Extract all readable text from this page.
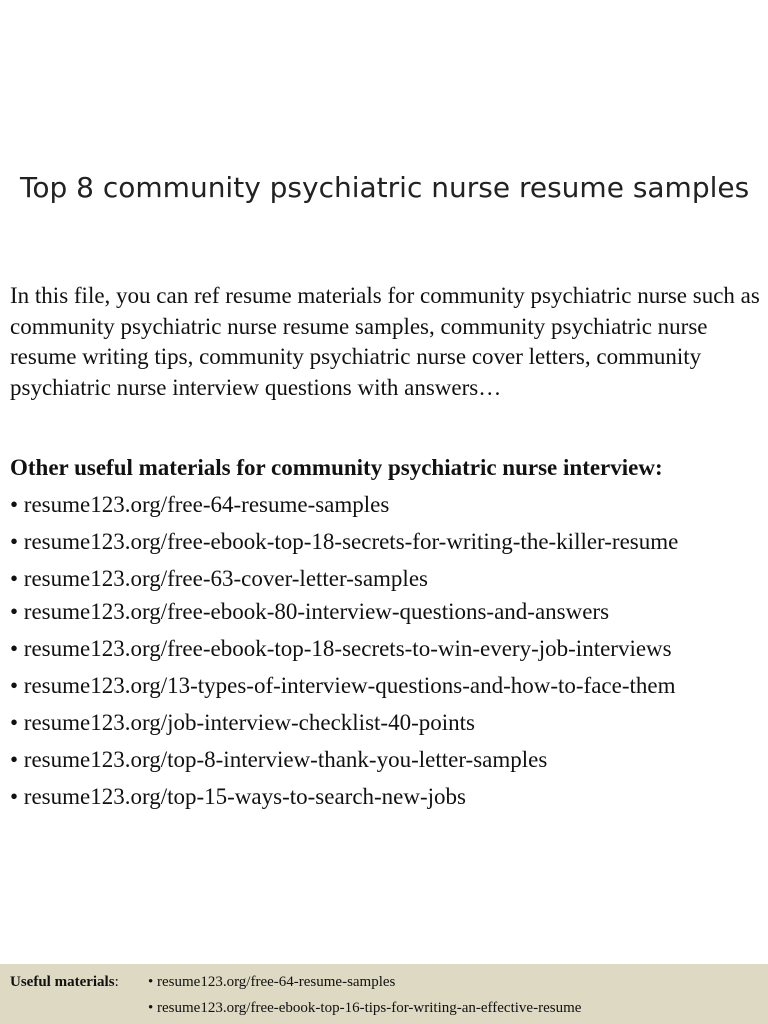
Top 8 community psychiatric nurse resume samples
In this file, you can ref resume materials for community psychiatric nurse such as community psychiatric nurse resume samples, community psychiatric nurse resume writing tips, community psychiatric nurse cover letters, community psychiatric nurse interview questions with answers…
Other useful materials for community psychiatric nurse interview:
• resume123.org/free-64-resume-samples
• resume123.org/free-ebook-top-18-secrets-for-writing-the-killer-resume
• resume123.org/free-63-cover-letter-samples
• resume123.org/free-ebook-80-interview-questions-and-answers
• resume123.org/free-ebook-top-18-secrets-to-win-every-job-interviews
• resume123.org/13-types-of-interview-questions-and-how-to-face-them
• resume123.org/job-interview-checklist-40-points
• resume123.org/top-8-interview-thank-you-letter-samples
• resume123.org/top-15-ways-to-search-new-jobs
Useful materials: • resume123.org/free-64-resume-samples
• resume123.org/free-ebook-top-16-tips-for-writing-an-effective-resume
